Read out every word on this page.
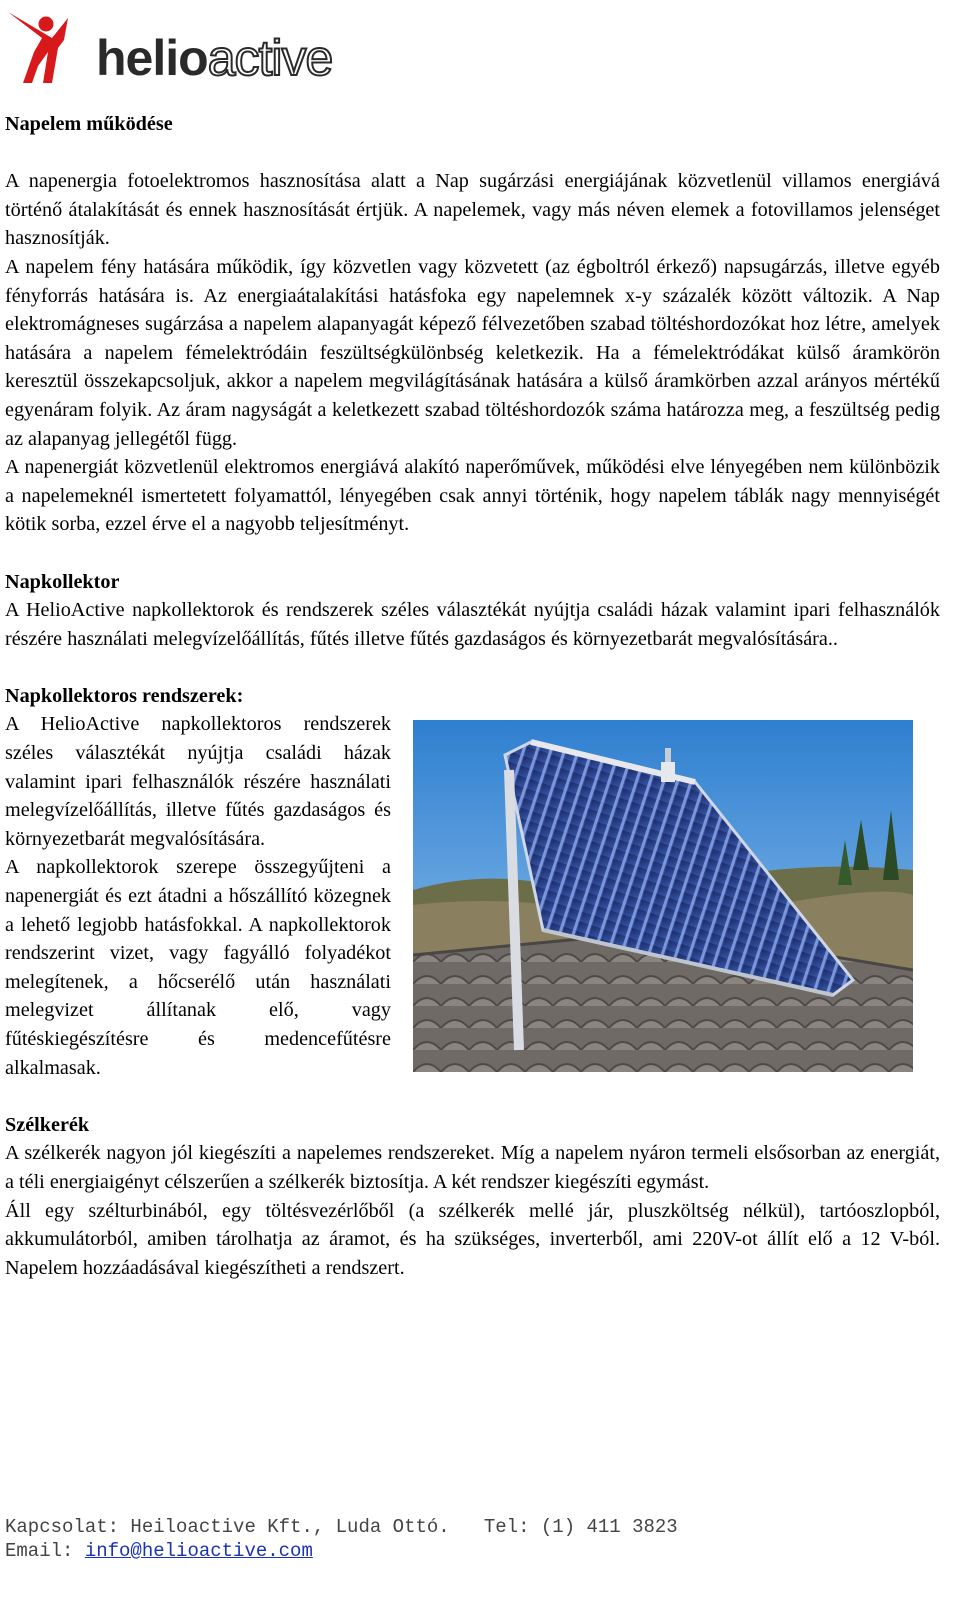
helioactive

Napelem működése

A napenergia fotoelektromos hasznosítása alatt a Nap sugárzási energiájának közvetlenül villamos energiává történő átalakítását és ennek hasznosítását értjük. A napelemek, vagy más néven elemek a fotovillamos jelenséget hasznosítják.

A napelem fény hatására működik, így közvetlen vagy közvetett (az égboltról érkező) napsugárzás, illetve egyéb fényforrás hatására is. Az energiaátalakítási hatásfoka egy napelemnek x-y százalék között változik. A Nap elektromágneses sugárzása a napelem alapanyagát képező félvezetőben szabad töltéshordozókat hoz létre, amelyek hatására a napelem fémelektródáin feszültségkülönbség keletkezik. Ha a fémelektródákat külső áramkörön keresztül összekapcsoljuk, akkor a napelem megvilágításának hatására a külső áramkörben azzal arányos mértékű egyenáram folyik. Az áram nagyságát a keletkezett szabad töltéshordozók száma határozza meg, a feszültség pedig az alapanyag jellegétől függ.

A napenergiát közvetlenül elektromos energiává alakító naperőművek, működési elve lényegében nem különbözik a napelemeknél ismertetett folyamattól, lényegében csak annyi történik, hogy napelem táblák nagy mennyiségét kötik sorba, ezzel érve el a nagyobb teljesítményt.

Napkollektor

A HelioActive napkollektorok és rendszerek széles választékát nyújtja családi házak valamint ipari felhasználók részére használati melegvízelőállítás, fűtés illetve fűtés gazdaságos és környezetbarát megvalósítására..

Napkollektoros rendszerek:

A HelioActive napkollektoros rendszerek széles választékát nyújtja családi házak valamint ipari felhasználók részére használati melegvízelőállítás, illetve fűtés gazdaságos és környezetbarát megvalósítására.

A napkollektorok szerepe összegyűjteni a napenergiát és ezt átadni a hőszállító közegnek a lehető legjobb hatásfokkal. A napkollektorok rendszerint vizet, vagy fagyálló folyadékot melegítenek, a hőcserélő után használati melegvizet állítanak elő, vagy fűtéskiegészítésre és medencefűtésre alkalmasak.

Szélkerék

A szélkerék nagyon jól kiegészíti a napelemes rendszereket. Míg a napelem nyáron termeli elsősorban az energiát, a téli energiaigényt célszerűen a szélkerék biztosítja. A két rendszer kiegészíti egymást.

Áll egy szélturbinából, egy töltésvezérlőből (a szélkerék mellé jár, pluszköltség nélkül), tartóoszlopból, akkumulátorból, amiben tárolhatja az áramot, és ha szükséges, inverterből, ami 220V-ot állít elő a 12 V-ból. Napelem hozzáadásával kiegészítheti a rendszert.

Kapcsolat: Heiloactive Kft., Luda Ottó.   Tel: (1) 411 3823
Email: info@helioactive.com
